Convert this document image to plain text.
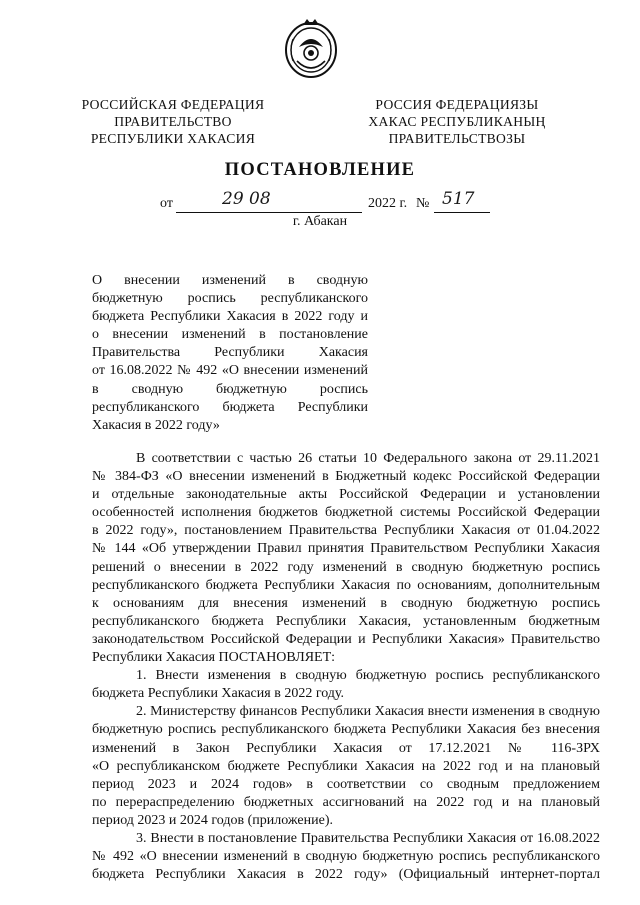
РОССИЙСКАЯ ФЕДЕРАЦИЯ
ПРАВИТЕЛЬСТВО
РЕСПУБЛИКИ ХАКАСИЯ
РОССИЯ ФЕДЕРАЦИЯЗЫ
ХАКАС РЕСПУБЛИКАНЫҢ
ПРАВИТЕЛЬСТВОЗЫ
ПОСТАНОВЛЕНИЕ
от	29 08	2022 г. № 517
г. Абакан
О внесении изменений в сводную
бюджетную роспись республиканского
бюджета Республики Хакасия в 2022 году и
о внесении изменений в постановление
Правительства Республики Хакасия
от 16.08.2022 № 492 «О внесении изменений
в сводную бюджетную роспись
республиканского бюджета Республики
Хакасия в 2022 году»
В соответствии с частью 26 статьи 10 Федерального закона от 29.11.2021
№ 384-ФЗ «О внесении изменений в Бюджетный кодекс Российской Федерации
и отдельные законодательные акты Российской Федерации и установлении
особенностей исполнения бюджетов бюджетной системы Российской Федерации
в 2022 году», постановлением Правительства Республики Хакасия от 01.04.2022
№ 144 «Об утверждении Правил принятия Правительством Республики Хакасия
решений о внесении в 2022 году изменений в сводную бюджетную роспись
республиканского бюджета Республики Хакасия по основаниям, дополнительным
к основаниям для внесения изменений в сводную бюджетную роспись
республиканского бюджета Республики Хакасия, установленным бюджетным
законодательством Российской Федерации и Республики Хакасия» Правительство
Республики Хакасия ПОСТАНОВЛЯЕТ:
1. Внести изменения в сводную бюджетную роспись республиканского
бюджета Республики Хакасия в 2022 году.
2. Министерству финансов Республики Хакасия внести изменения в сводную
бюджетную роспись республиканского бюджета Республики Хакасия без внесения
изменений в Закон Республики Хакасия от 17.12.2021 № 116-ЗРХ
«О республиканском бюджете Республики Хакасия на 2022 год и на плановый
период 2023 и 2024 годов» в соответствии со сводным предложением
по перераспределению бюджетных ассигнований на 2022 год и на плановый
период 2023 и 2024 годов (приложение).
3. Внести в постановление Правительства Республики Хакасия от 16.08.2022
№ 492 «О внесении изменений в сводную бюджетную роспись республиканского
бюджета Республики Хакасия в 2022 году» (Официальный интернет-портал
